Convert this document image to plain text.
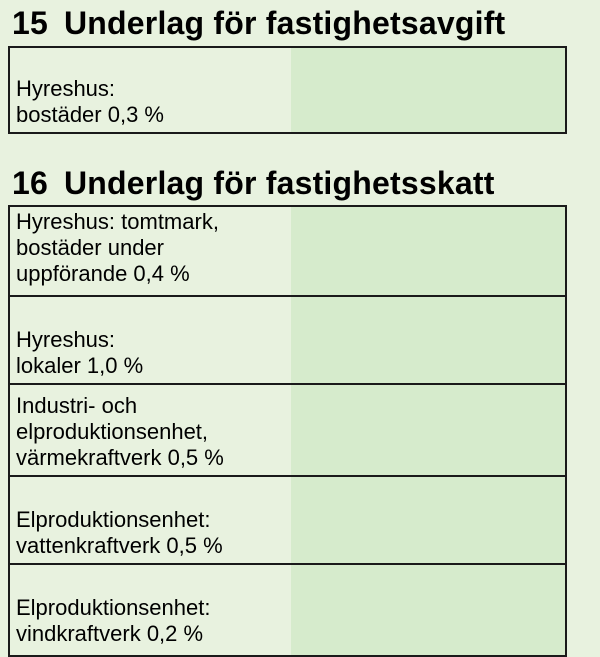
15 Underlag för fastighetsavgift
Hyreshus:
bostäder 0,3 %
16 Underlag för fastighetsskatt
Hyreshus: tomtmark,
bostäder under
uppförande 0,4 %
Hyreshus:
lokaler 1,0 %
Industri- och
elproduktionsenhet,
värmekraftverk 0,5 %
Elproduktionsenhet:
vattenkraftverk 0,5 %
Elproduktionsenhet:
vindkraftverk 0,2 %
